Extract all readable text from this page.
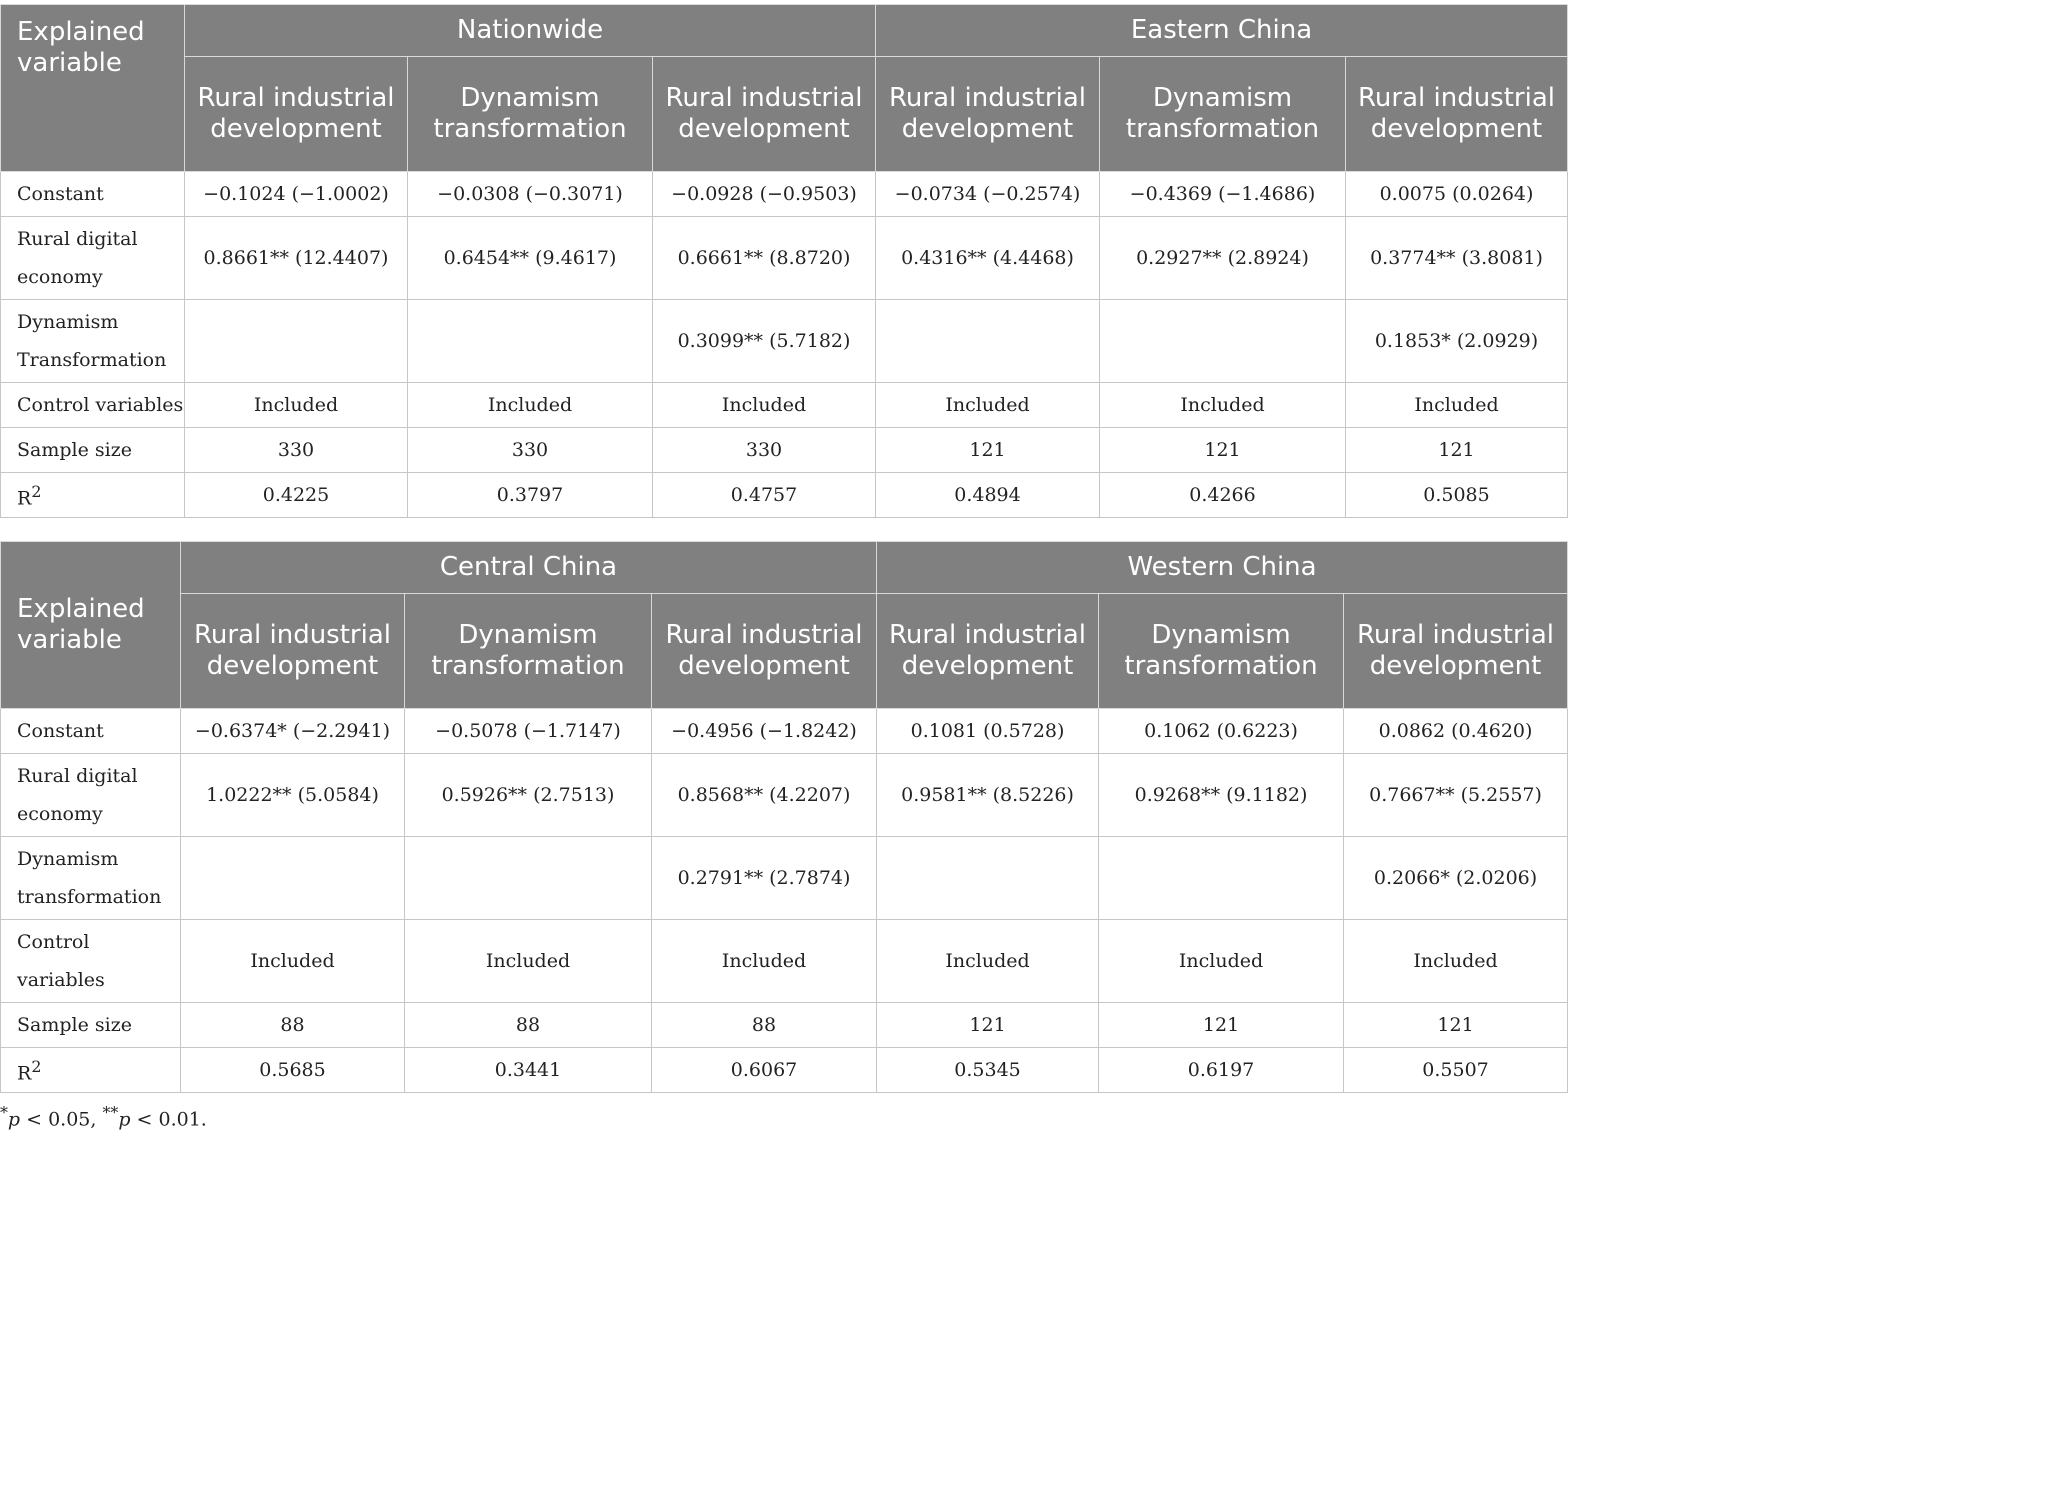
Explained variable	Nationwide			Eastern China		
	Rural industrial development	Dynamism transformation	Rural industrial development	Rural industrial development	Dynamism transformation	Rural industrial development
Constant	−0.1024 (−1.0002)	−0.0308 (−0.3071)	−0.0928 (−0.9503)	−0.0734 (−0.2574)	−0.4369 (−1.4686)	0.0075 (0.0264)
Rural digital economy	0.8661** (12.4407)	0.6454** (9.4617)	0.6661** (8.8720)	0.4316** (4.4468)	0.2927** (2.8924)	0.3774** (3.8081)
Dynamism Transformation			0.3099** (5.7182)			0.1853* (2.0929)
Control variables	Included	Included	Included	Included	Included	Included
Sample size	330	330	330	121	121	121
$R^2$	0.4225	0.3797	0.4757	0.4894	0.4266	0.5085
Explained variable	Central China			Western China		
	Rural industrial development	Dynamism transformation	Rural industrial development	Rural industrial development	Dynamism transformation	Rural industrial development
Constant	−0.6374* (−2.2941)	−0.5078 (−1.7147)	−0.4956 (−1.8242)	0.1081 (0.5728)	0.1062 (0.6223)	0.0862 (0.4620)
Rural digital economy	1.0222** (5.0584)	0.5926** (2.7513)	0.8568** (4.2207)	0.9581** (8.5226)	0.9268** (9.1182)	0.7667** (5.2557)
Dynamism transformation			0.2791** (2.7874)			0.2066* (2.0206)
Control variables	Included	Included	Included	Included	Included	Included
Sample size	88	88	88	121	121	121
$R^2$	0.5685	0.3441	0.6067	0.5345	0.6197	0.5507
*p < 0.05, **p < 0.01.
